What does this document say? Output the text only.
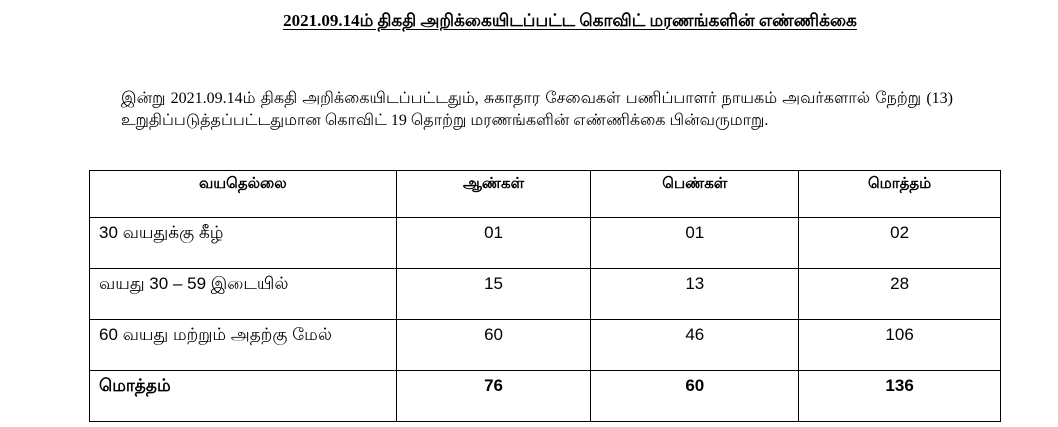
2021.09.14ம் திகதி அறிக்கையிடப்பட்ட கொவிட் மரணங்களின் எண்ணிக்கை

இன்று 2021.09.14ம் திகதி அறிக்கையிடப்பட்டதும், சுகாதார சேவைகள் பணிப்பாளர் நாயகம் அவர்களால் நேற்று (13) உறுதிப்படுத்தப்பட்டதுமான கொவிட் 19 தொற்று மரணங்களின் எண்ணிக்கை பின்வருமாறு.

வயதெல்லை	ஆண்கள்	பெண்கள்	மொத்தம்
30 வயதுக்கு கீழ்	01	01	02
வயது 30 – 59 இடையில்	15	13	28
60 வயது மற்றும் அதற்கு மேல்	60	46	106
மொத்தம்	76	60	136
